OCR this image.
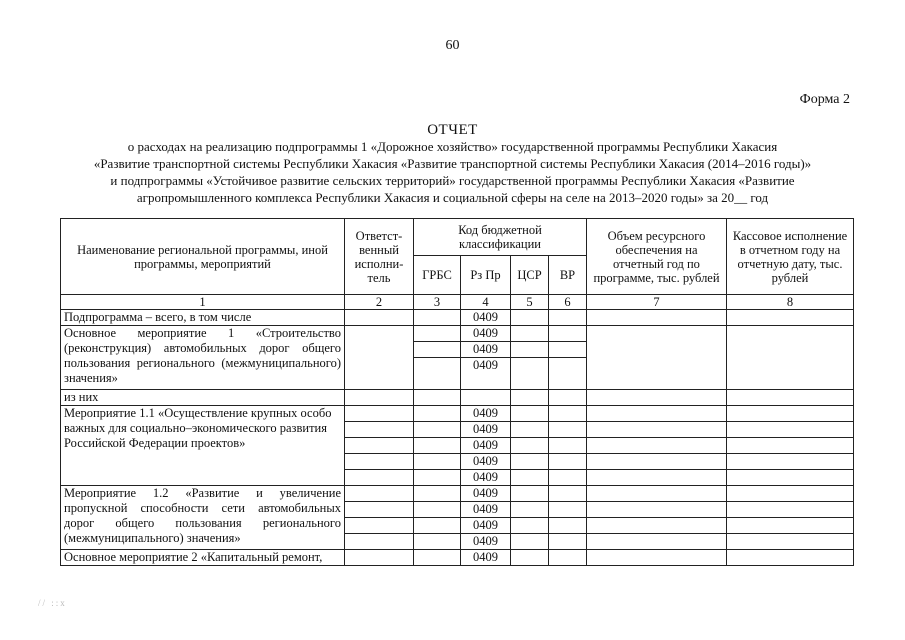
60
Форма 2
ОТЧЕТ
о расходах на реализацию подпрограммы 1 «Дорожное хозяйство» государственной программы Республики Хакасия
«Развитие транспортной системы Республики Хакасия «Развитие транспортной системы Республики Хакасия (2014–2016 годы)»
и подпрограммы «Устойчивое развитие сельских территорий» государственной программы Республики Хакасия «Развитие
агропромышленного комплекса Республики Хакасия и социальной сферы на селе на 2013–2020 годы» за 20__ год
Наименование региональной программы, иной программы, мероприятий	Ответст-венный исполни-тель	Код бюджетной классификации				Объем ресурсного обеспечения на отчетный год по программе, тыс. рублей	Кассовое исполнение в отчетном году на отчетную дату, тыс. рублей
		ГРБС	Рз Пр	ЦСР	ВР		
1	2	3	4	5	6	7	8
Подпрограмма – всего, в том числе			0409				
Основное мероприятие 1 «Строительство (реконструкция) автомобильных дорог общего пользования регионального (межмуниципального) значения»			0409				
			0409				
			0409				
из них							
Мероприятие 1.1 «Осуществление крупных особо важных для социально–экономического развития Российской Федерации проектов»			0409				
			0409				
			0409				
			0409				
			0409				
Мероприятие 1.2 «Развитие и увеличение пропускной способности сети автомобильных дорог общего пользования регионального (межмуниципального) значения»			0409				
			0409				
			0409				
			0409				
Основное мероприятие 2 «Капитальный ремонт,			0409				
// ::x
